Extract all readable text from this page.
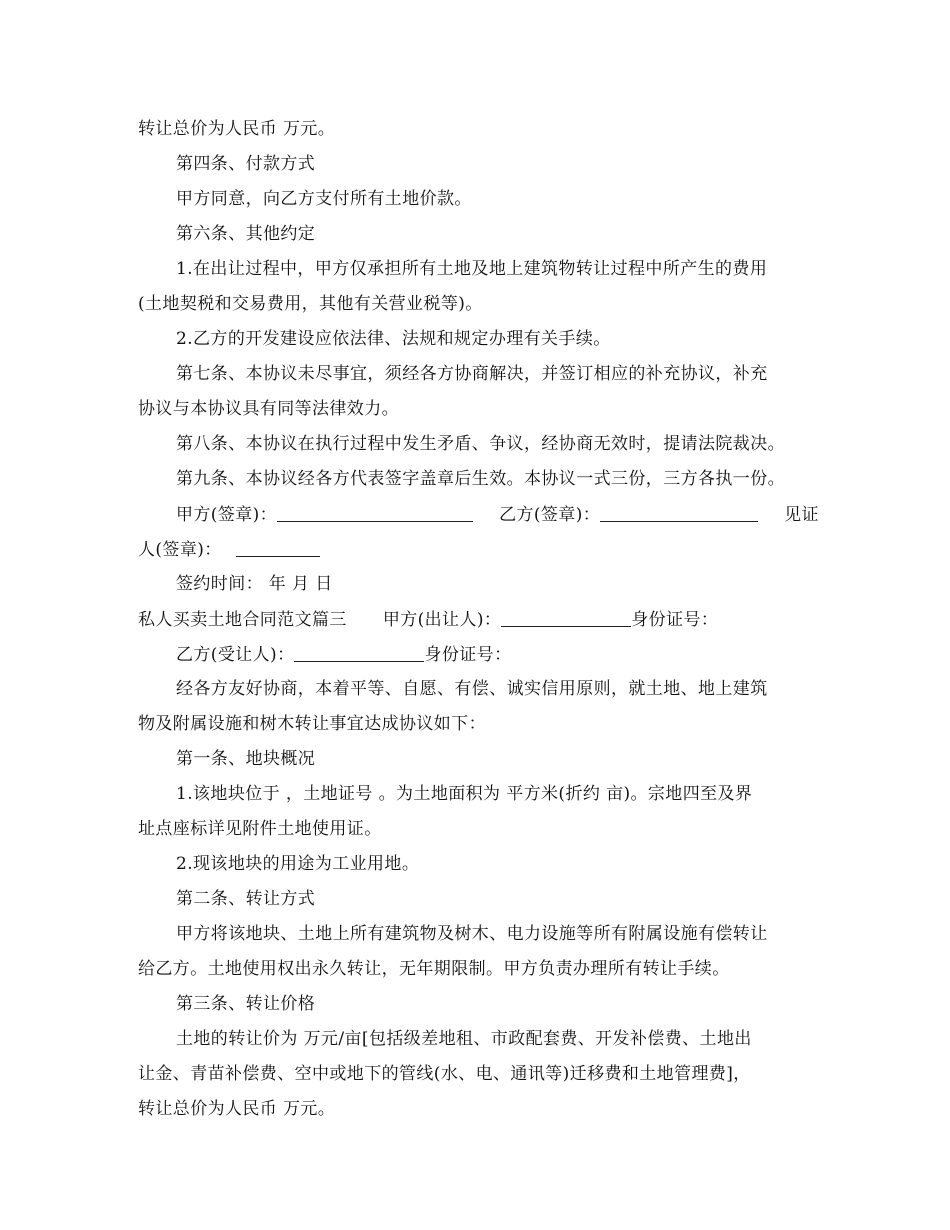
转让总价为人民币 万元。
第四条、付款方式
甲方同意，向乙方支付所有土地价款。
第六条、其他约定
1.在出让过程中，甲方仅承担所有土地及地上建筑物转让过程中所产生的费用
(土地契税和交易费用，其他有关营业税等)。
2.乙方的开发建设应依法律、法规和规定办理有关手续。
第七条、本协议未尽事宜，须经各方协商解决，并签订相应的补充协议，补充
协议与本协议具有同等法律效力。
第八条、本协议在执行过程中发生矛盾、争议，经协商无效时，提请法院裁决。
第九条、本协议经各方代表签字盖章后生效。本协议一式三份，三方各执一份。
甲方(签章)：	乙方(签章)：	见证
人(签章)：
签约时间： 年 月 日
私人买卖土地合同范文篇三 甲方(出让人)：	身份证号：
乙方(受让人)：	身份证号：
经各方友好协商，本着平等、自愿、有偿、诚实信用原则，就土地、地上建筑
物及附属设施和树木转让事宜达成协议如下：
第一条、地块概况
1.该地块位于 ，土地证号 。为土地面积为 平方米(折约 亩)。宗地四至及界
址点座标详见附件土地使用证。
2.现该地块的用途为工业用地。
第二条、转让方式
甲方将该地块、土地上所有建筑物及树木、电力设施等所有附属设施有偿转让
给乙方。土地使用权出永久转让，无年期限制。甲方负责办理所有转让手续。
第三条、转让价格
土地的转让价为 万元/亩[包括级差地租、市政配套费、开发补偿费、土地出
让金、青苗补偿费、空中或地下的管线(水、电、通讯等)迁移费和土地管理费]，
转让总价为人民币 万元。
